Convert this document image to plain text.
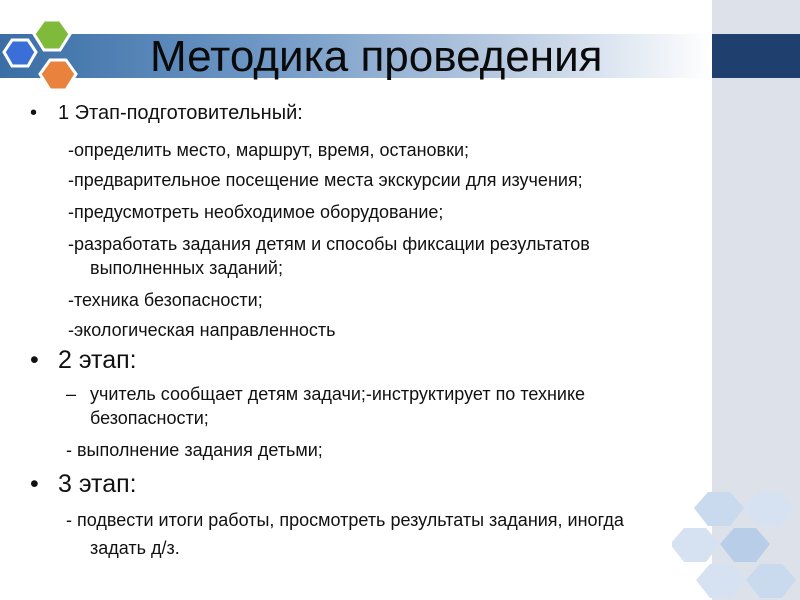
Методика проведения
• 1 Этап-подготовительный:
-определить место, маршрут, время, остановки;
-предварительное посещение места экскурсии для изучения;
-предусмотреть необходимое оборудование;
-разработать задания детям и способы фиксации результатов
выполненных заданий;
-техника безопасности;
-экологическая направленность
• 2 этап:
– учитель сообщает детям задачи;-инструктирует по технике
безопасности;
- выполнение задания детьми;
• 3 этап:
- подвести итоги работы, просмотреть результаты задания, иногда
задать д/з.
